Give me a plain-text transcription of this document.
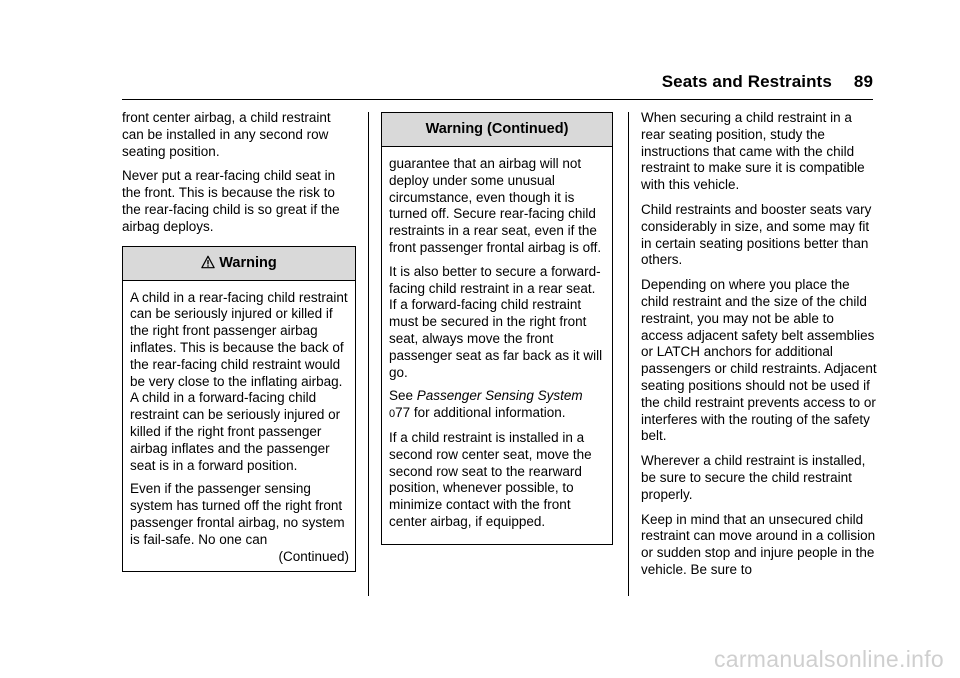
Seats and Restraints 89

front center airbag, a child restraint can be installed in any second row seating position.

Never put a rear-facing child seat in the front. This is because the risk to the rear-facing child is so great if the airbag deploys.

Warning

A child in a rear-facing child restraint can be seriously injured or killed if the right front passenger airbag inflates. This is because the back of the rear-facing child restraint would be very close to the inflating airbag. A child in a forward-facing child restraint can be seriously injured or killed if the right front passenger airbag inflates and the passenger seat is in a forward position.

Even if the passenger sensing system has turned off the right front passenger frontal airbag, no system is fail-safe. No one can

(Continued)
Warning (Continued)

guarantee that an airbag will not deploy under some unusual circumstance, even though it is turned off. Secure rear-facing child restraints in a rear seat, even if the front passenger frontal airbag is off.

It is also better to secure a forward-facing child restraint in a rear seat. If a forward-facing child restraint must be secured in the right front seat, always move the front passenger seat as far back as it will go.

See Passenger Sensing System
077 for additional information.

If a child restraint is installed in a second row center seat, move the second row seat to the rearward position, whenever possible, to minimize contact with the front center airbag, if equipped.

When securing a child restraint in a rear seating position, study the instructions that came with the child restraint to make sure it is compatible with this vehicle.

Child restraints and booster seats vary considerably in size, and some may fit in certain seating positions better than others.

Depending on where you place the child restraint and the size of the child restraint, you may not be able to access adjacent safety belt assemblies or LATCH anchors for additional passengers or child restraints. Adjacent seating positions should not be used if the child restraint prevents access to or interferes with the routing of the safety belt.

Wherever a child restraint is installed, be sure to secure the child restraint properly.

Keep in mind that an unsecured child restraint can move around in a collision or sudden stop and injure people in the vehicle. Be sure to

carmanualsonline.info
